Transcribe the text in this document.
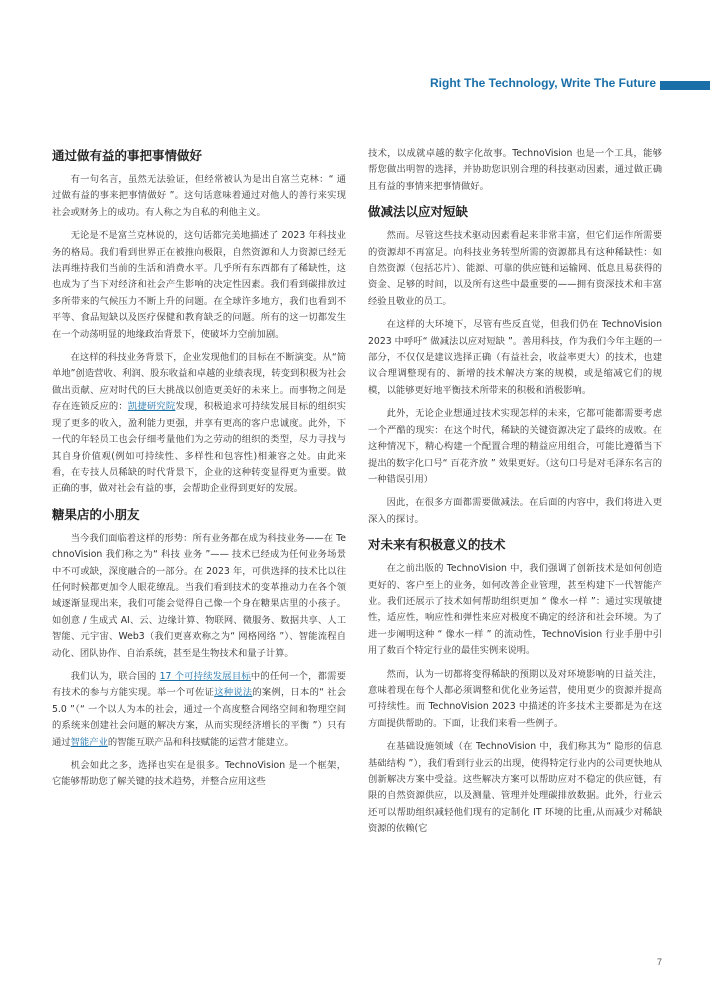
Right The Technology, Write The Future
通过做有益的事把事情做好

有一句名言，虽然无法验证，但经常被认为是出自富兰克林：“ 通过做有益的事来把事情做好 ”。这句话意味着通过对他人的善行来实现社会或财务上的成功。有人称之为自私的利他主义。

无论是不是富兰克林说的，这句话都完美地描述了 2023 年科技业务的格局。我们看到世界正在被推向极限，自然资源和人力资源已经无法再维持我们当前的生活和消费水平。几乎所有东西都有了稀缺性，这也成为了当下对经济和社会产生影响的决定性因素。我们看到碳排放过多所带来的气候压力不断上升的问题。在全球许多地方，我们也看到不平等、食品短缺以及医疗保健和教育缺乏的问题。所有的这一切都发生在一个动荡明显的地缘政治背景下，使破坏力空前加剧。

在这样的科技业务背景下，企业发现他们的目标在不断演变。从“简单地”创造营收、利润、股东收益和卓越的业绩表现，转变到积极为社会做出贡献、应对时代的巨大挑战以创造更美好的未来上。而事物之间是存在连锁反应的：凯捷研究院发现，积极追求可持续发展目标的组织实现了更多的收入，盈利能力更强，并享有更高的客户忠诚度。此外，下一代的年轻员工也会仔细考量他们为之劳动的组织的类型，尽力寻找与其自身价值观(例如可持续性、多样性和包容性)相兼容之处。由此来看，在专技人员稀缺的时代背景下，企业的这种转变显得更为重要。做正确的事，做对社会有益的事，会帮助企业得到更好的发展。

糖果店的小朋友

当今我们面临着这样的形势：所有业务都在成为科技业务——在 TechnoVision 我们称之为“ 科技 业务 ”—— 技术已经成为任何业务场景中不可或缺，深度融合的一部分。在 2023 年，可供选择的技术比以往任何时候都更加令人眼花缭乱。当我们看到技术的变革推动力在各个领域逐渐显现出来，我们可能会觉得自己像一个身在糖果店里的小孩子。如创意 / 生成式 AI、云、边缘计算、物联网、微服务、数据共享、人工智能、元宇宙、Web3（我们更喜欢称之为“ 网格网络 ”）、智能流程自动化、团队协作、自治系统，甚至是生物技术和量子计算。

我们认为，联合国的 17 个可持续发展目标中的任何一个，都需要有技术的参与方能实现。举一个可佐证这种说法的案例，日本的“ 社会 5.0 ”（“ 一个以人为本的社会，通过一个高度整合网络空间和物理空间的系统来创建社会问题的解决方案，从而实现经济增长的平衡 ”）只有通过智能产业的智能互联产品和科技赋能的运营才能建立。

机会如此之多，选择也实在是很多。TechnoVision 是一个框架，它能够帮助您了解关键的技术趋势，并整合应用这些

技术，以成就卓越的数字化故事。TechnoVision 也是一个工具，能够帮您做出明智的选择，并协助您识别合理的科技驱动因素，通过做正确且有益的事情来把事情做好。

做减法以应对短缺

然而。尽管这些技术驱动因素看起来非常丰富，但它们运作所需要的资源却不再富足。向科技业务转型所需的资源都具有这种稀缺性：如自然资源（包括芯片）、能源、可靠的供应链和运输网、低息且易获得的资金、足够的时间，以及所有这些中最重要的——拥有资深技术和丰富经验且敬业的员工。

在这样的大环境下，尽管有些反直觉，但我们仍在 TechnoVision 2023 中呼吁“ 做减法以应对短缺 ”。善用科技，作为我们今年主题的一部分，不仅仅是建议选择正确（有益社会，收益率更大）的技术，也建议合理调整现有的、新增的技术解决方案的规模，或是缩减它们的规模，以能够更好地平衡技术所带来的积极和消极影响。

此外，无论企业想通过技术实现怎样的未来，它都可能都需要考虑一个严酷的现实：在这个时代，稀缺的关键资源决定了最终的成败。在这种情况下，精心构建一个配置合理的精益应用组合，可能比遵循当下提出的数字化口号“ 百花齐放 ” 效果更好。（这句口号是对毛泽东名言的一种错误引用）

因此，在很多方面都需要做减法。在后面的内容中，我们将进入更深入的探讨。

对未来有积极意义的技术

在之前出版的 TechnoVision 中，我们强调了创新技术是如何创造更好的、客户至上的业务，如何改善企业管理，甚至构建下一代智能产业。我们还展示了技术如何帮助组织更加 “ 像水一样 ”：通过实现敏捷性，适应性，响应性和弹性来应对极度不确定的经济和社会环境。为了进一步阐明这种 “ 像水一样 ” 的流动性，TechnoVision 行业手册中引用了数百个特定行业的最佳实例来说明。

然而，认为一切都将变得稀缺的预期以及对环境影响的日益关注，意味着现在每个人都必须调整和优化业务运营，使用更少的资源并提高可持续性。而 TechnoVision 2023 中描述的许多技术主要都是为在这方面提供帮助的。下面，让我们来看一些例子。

在基础设施领域（在 TechnoVision 中，我们称其为“ 隐形的信息基础结构 ”），我们看到行业云的出现，使得特定行业内的公司更快地从创新解决方案中受益。这些解决方案可以帮助应对不稳定的供应链，有限的自然资源供应，以及测量、管理并处理碳排放数据。此外，行业云还可以帮助组织减轻他们现有的定制化 IT 环境的比重,从而减少对稀缺资源的依赖(它

7
